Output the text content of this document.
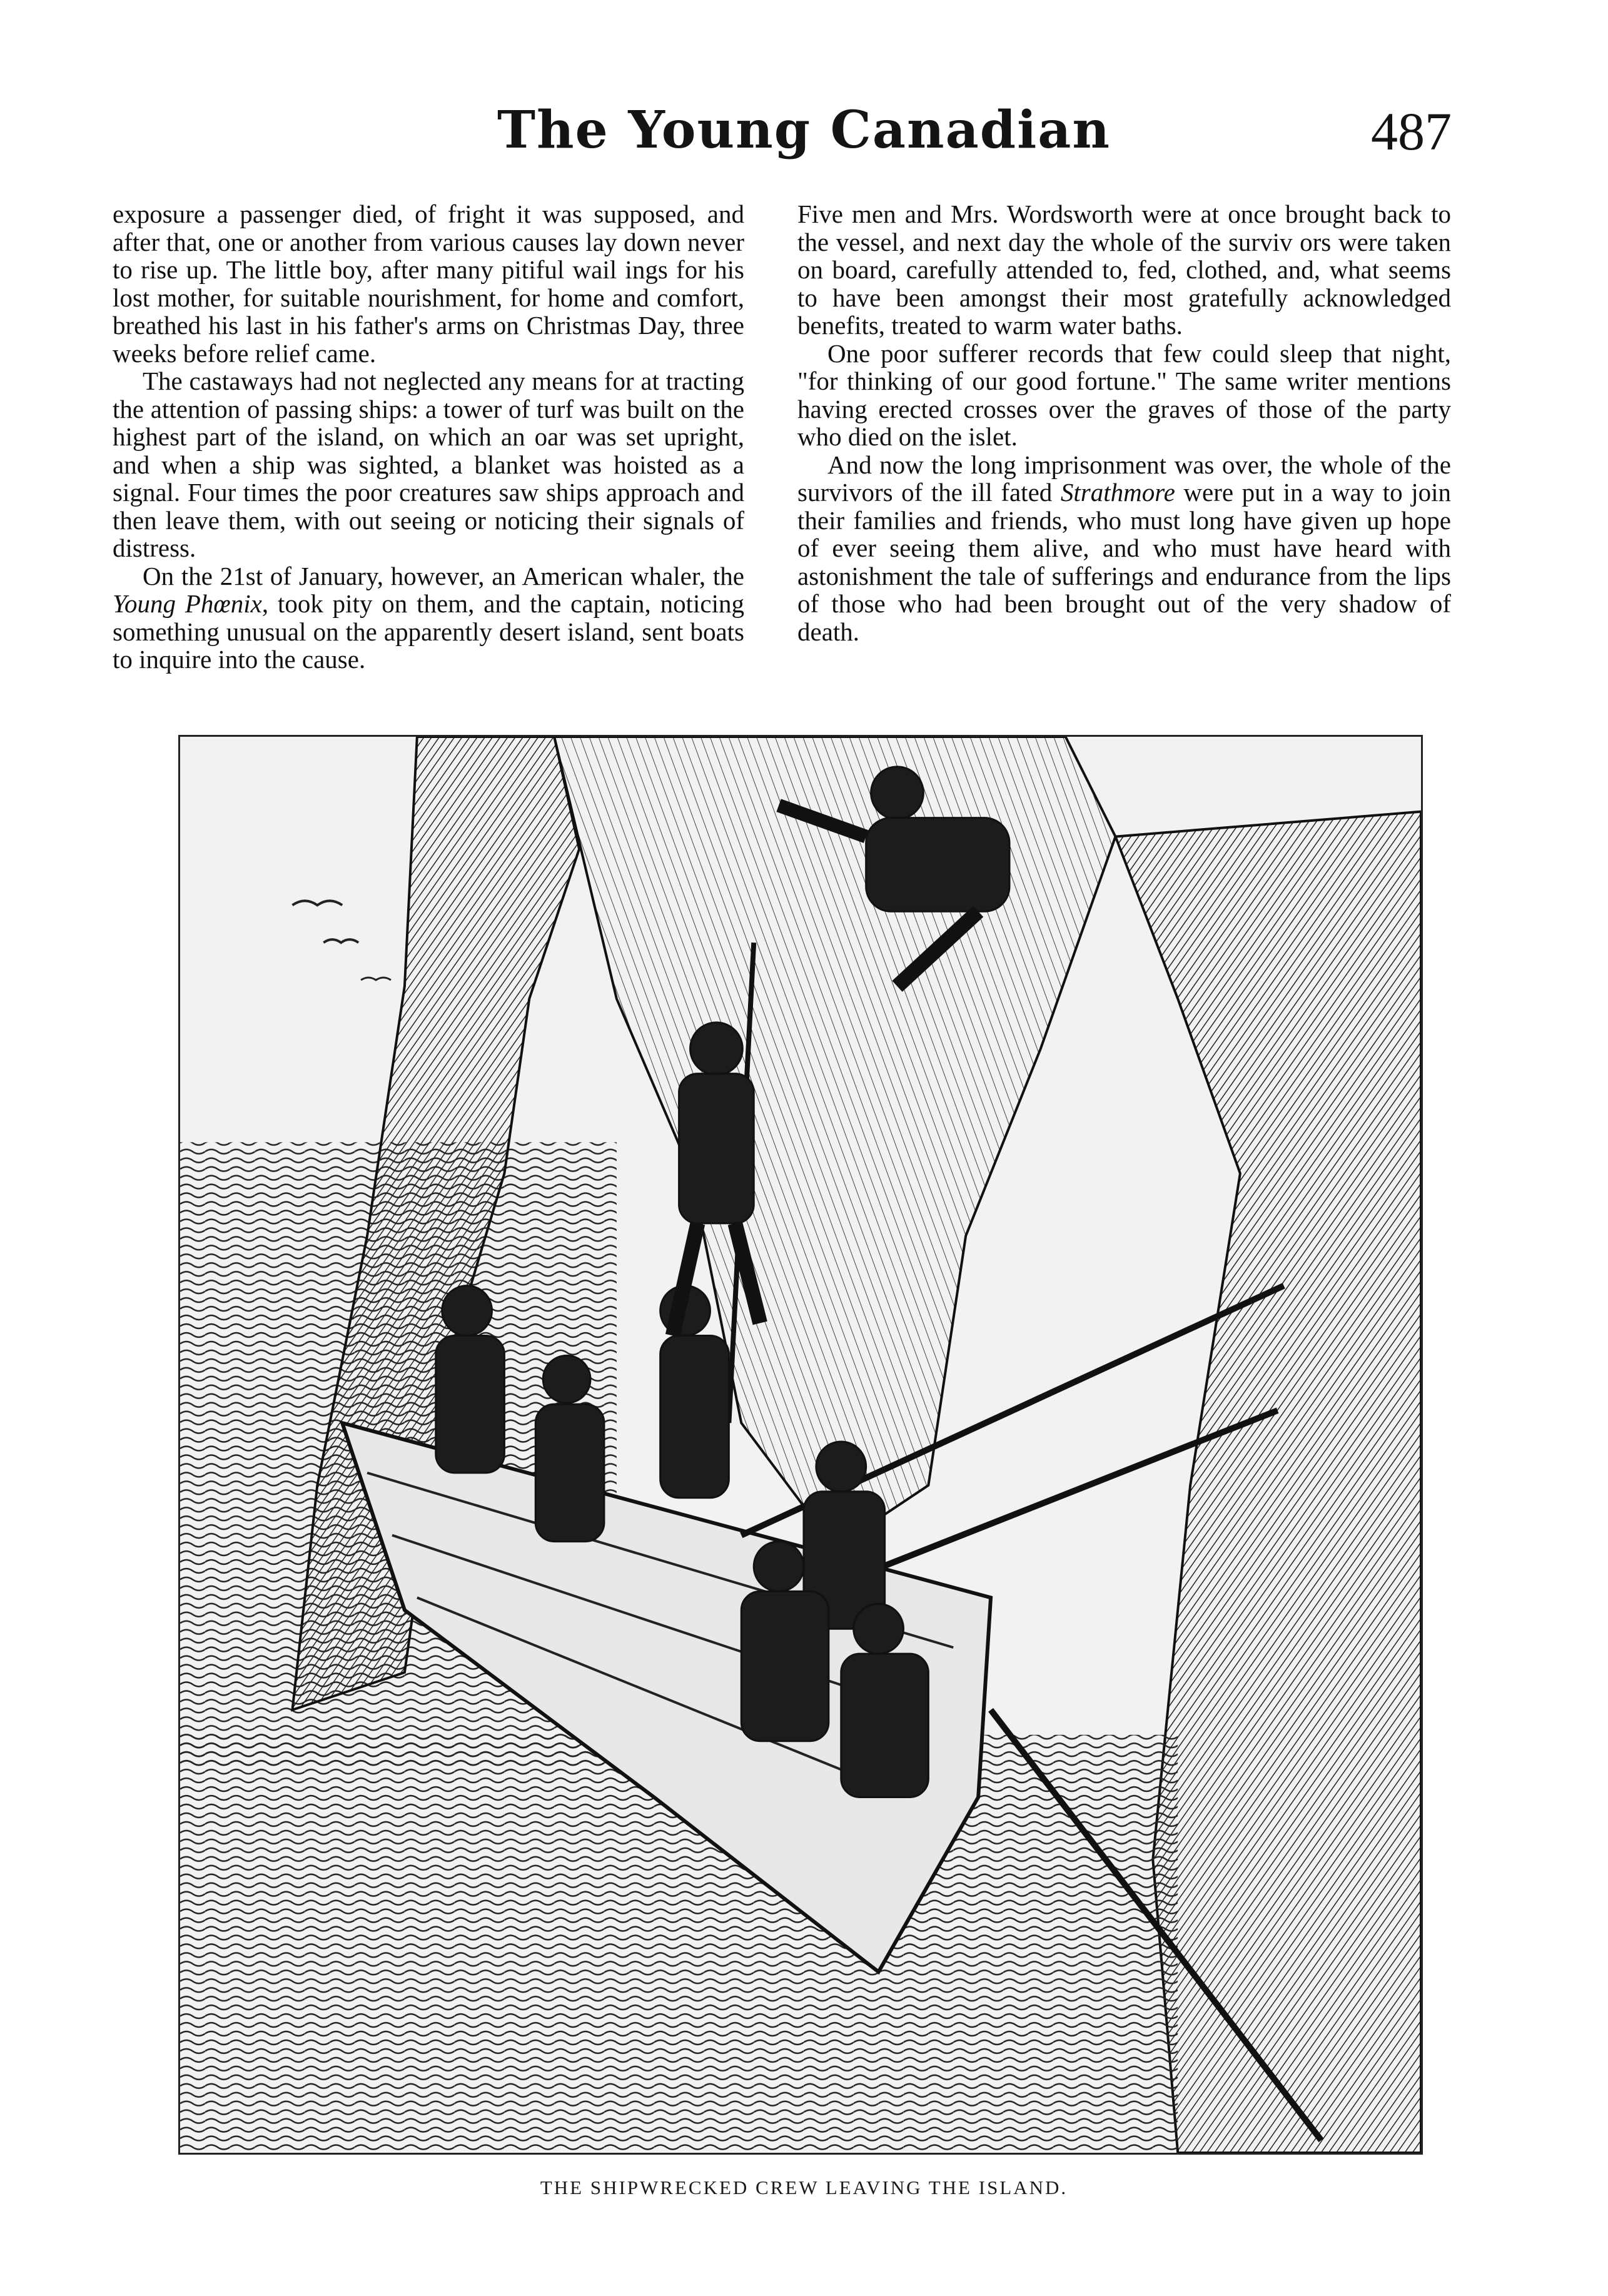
The Young Canadian	487

exposure a passenger died, of fright it was supposed, and after that, one or another from various causes lay down never to rise up. The little boy, after many pitiful wail ings for his lost mother, for suitable nourishment, for home and comfort, breathed his last in his father's arms on Christmas Day, three weeks before relief came.

The castaways had not neglected any means for at tracting the attention of passing ships: a tower of turf was built on the highest part of the island, on which an oar was set upright, and when a ship was sighted, a blanket was hoisted as a signal. Four times the poor creatures saw ships approach and then leave them, with out seeing or noticing their signals of distress.

On the 21st of January, however, an American whaler, the Young Phœnix, took pity on them, and the captain, noticing something unusual on the apparently desert island, sent boats to inquire into the cause.

Five men and Mrs. Wordsworth were at once brought back to the vessel, and next day the whole of the surviv ors were taken on board, carefully attended to, fed, clothed, and, what seems to have been amongst their most gratefully acknowledged benefits, treated to warm water baths.

One poor sufferer records that few could sleep that night, "for thinking of our good fortune." The same writer mentions having erected crosses over the graves of those of the party who died on the islet.

And now the long imprisonment was over, the whole of the survivors of the ill fated Strathmore were put in a way to join their families and friends, who must long have given up hope of ever seeing them alive, and who must have heard with astonishment the tale of sufferings and endurance from the lips of those who had been brought out of the very shadow of death.

THE SHIPWRECKED CREW LEAVING THE ISLAND.
